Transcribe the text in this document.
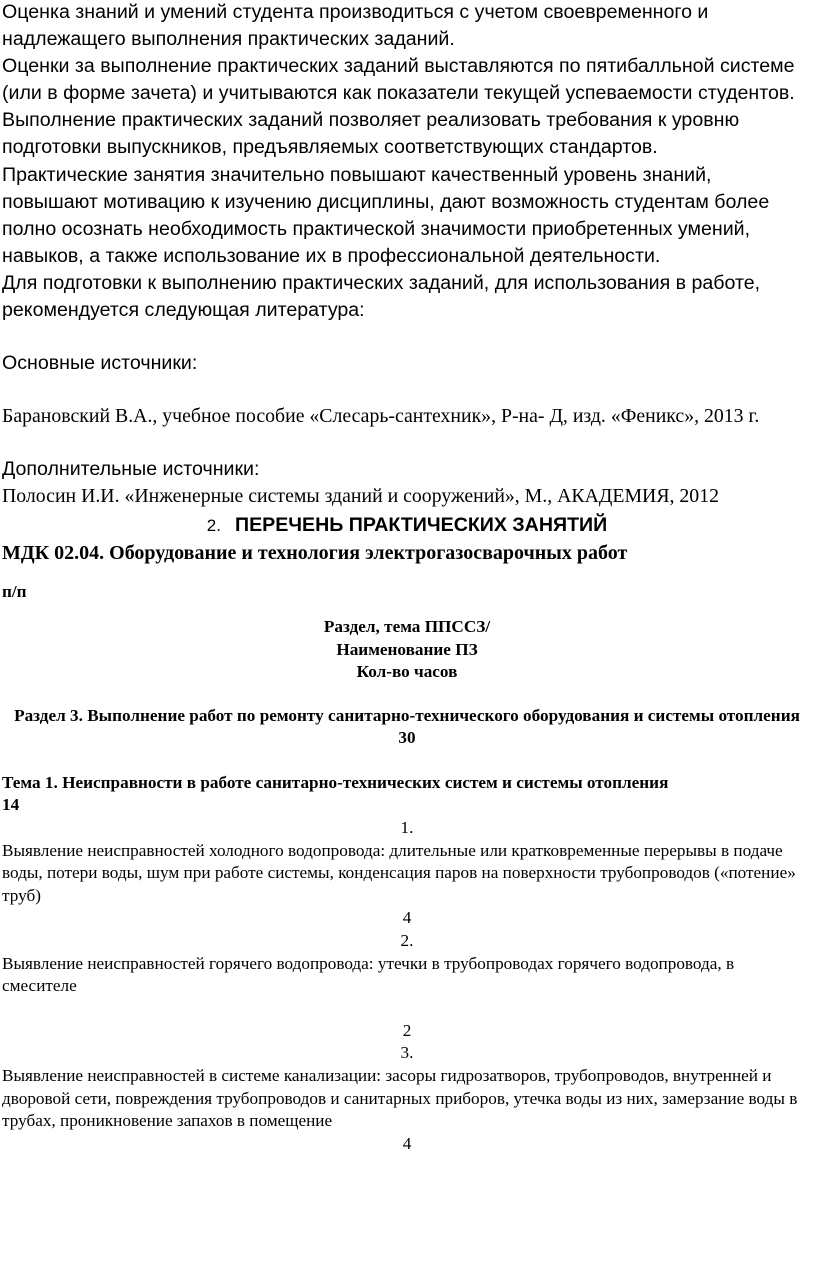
Оценка знаний и умений студента производиться с учетом своевременного и надлежащего выполнения практических заданий.

Оценки за выполнение практических заданий выставляются по пятибалльной системе (или в форме зачета) и учитываются как показатели текущей успеваемости студентов.

Выполнение практических заданий позволяет реализовать требования к уровню подготовки выпускников, предъявляемых соответствующих стандартов.

Практические занятия значительно повышают качественный уровень знаний, повышают мотивацию к изучению дисциплины, дают возможность студентам более полно осознать необходимость практической значимости приобретенных умений, навыков, а также использование их в профессиональной деятельности.

Для подготовки к выполнению практических заданий, для использования в работе, рекомендуется следующая литература:

Основные источники:

Барановский В.А., учебное пособие «Слесарь-сантехник», Р-на- Д, изд. «Феникс», 2013 г.

Дополнительные источники:

Полосин И.И. «Инженерные системы зданий и сооружений», М., АКАДЕМИЯ, 2012

2. ПЕРЕЧЕНЬ ПРАКТИЧЕСКИХ ЗАНЯТИЙ

МДК 02.04. Оборудование и технология электрогазосварочных работ

п/п

Раздел, тема ППССЗ/

Наименование ПЗ

Кол-во часов

Раздел 3. Выполнение работ по ремонту санитарно-технического оборудования и системы отопления

30

Тема 1. Неисправности в работе санитарно-технических систем и системы отопления

14

1.

Выявление неисправностей холодного водопровода: длительные или кратковременные перерывы в подаче воды, потери воды, шум при работе системы, конденсация паров на поверхности трубопроводов («потение» труб)

4

2.

Выявление неисправностей горячего водопровода: утечки в трубопроводах горячего водопровода, в смесителе

2

3.

Выявление неисправностей в системе канализации: засоры гидрозатворов, трубопроводов, внутренней и дворовой сети, повреждения трубопроводов и санитарных приборов, утечка воды из них, замерзание воды в трубах, проникновение запахов в помещение

4
